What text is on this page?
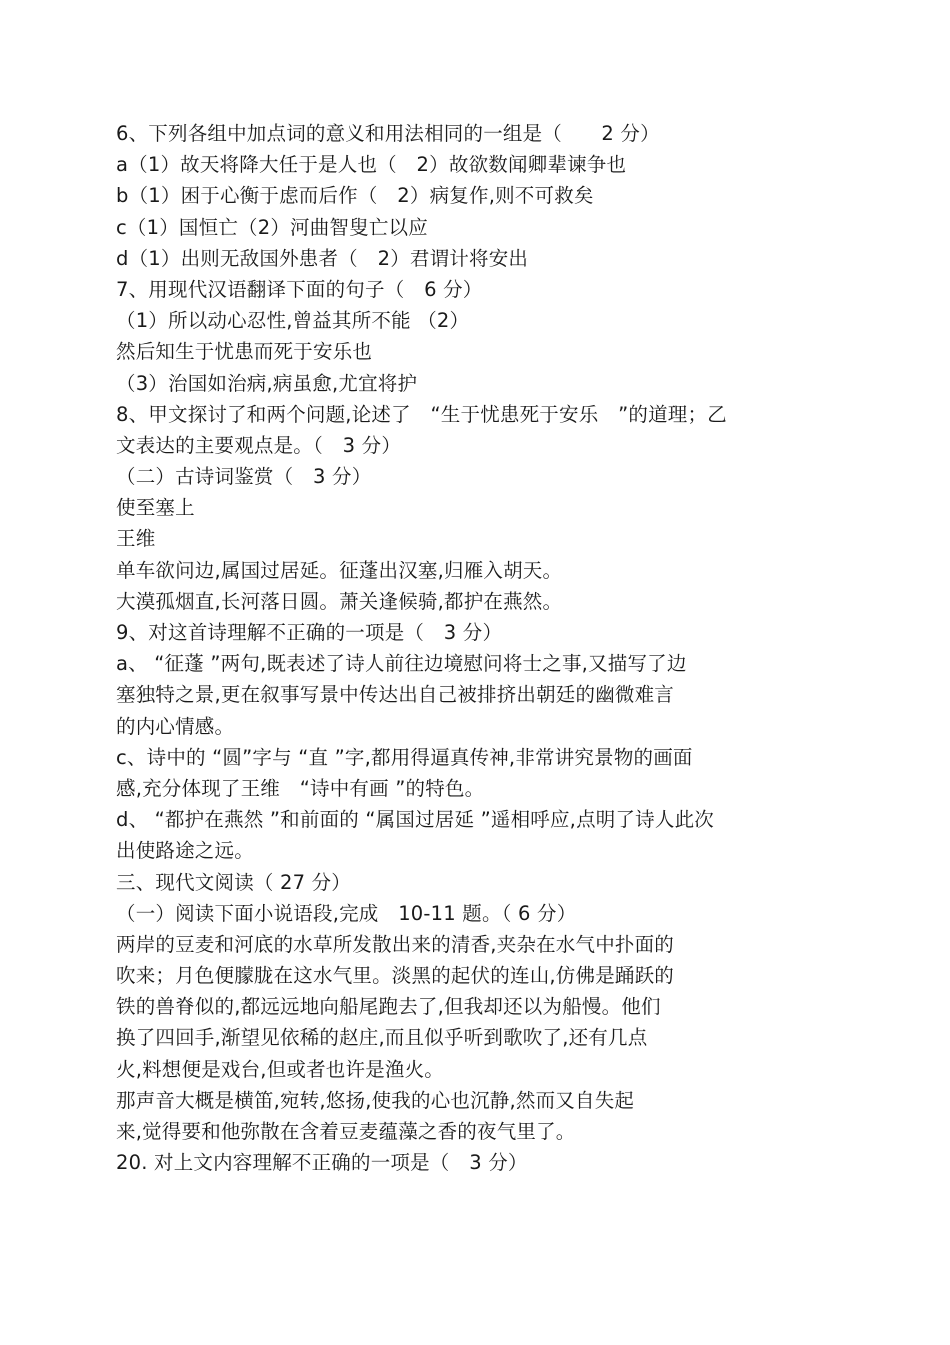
6、下列各组中加点词的意义和用法相同的一组是（　　2 分）
a（1）故天将降大任于是人也（　2）故欲数闻卿辈谏争也
b（1）困于心衡于虑而后作（　2）病复作,则不可救矣
c（1）国恒亡（2）河曲智叟亡以应
d（1）出则无敌国外患者（　2）君谓计将安出
7、用现代汉语翻译下面的句子（　6 分）
（1）所以动心忍性,曾益其所不能 （2）
然后知生于忧患而死于安乐也
（3）治国如治病,病虽愈,尤宜将护
8、甲文探讨了和两个问题,论述了　“生于忧患死于安乐　”的道理；乙
文表达的主要观点是。（　3 分）
（二）古诗词鉴赏（　3 分）
使至塞上
王维
单车欲问边,属国过居延。征蓬出汉塞,归雁入胡天。
大漠孤烟直,长河落日圆。萧关逢候骑,都护在燕然。
9、对这首诗理解不正确的一项是（　3 分）
a、 “征蓬 ”两句,既表述了诗人前往边境慰问将士之事,又描写了边
塞独特之景,更在叙事写景中传达出自己被排挤出朝廷的幽微难言
的内心情感。
c、诗中的 “圆”字与 “直 ”字,都用得逼真传神,非常讲究景物的画面
感,充分体现了王维　“诗中有画 ”的特色。
d、 “都护在燕然 ”和前面的 “属国过居延 ”遥相呼应,点明了诗人此次
出使路途之远。
三、现代文阅读（ 27 分）
（一）阅读下面小说语段,完成　10-11 题。（ 6 分）
两岸的豆麦和河底的水草所发散出来的清香,夹杂在水气中扑面的
吹来；月色便朦胧在这水气里。淡黑的起伏的连山,仿佛是踊跃的
铁的兽脊似的,都远远地向船尾跑去了,但我却还以为船慢。他们
换了四回手,渐望见依稀的赵庄,而且似乎听到歌吹了,还有几点
火,料想便是戏台,但或者也许是渔火。
那声音大概是横笛,宛转,悠扬,使我的心也沉静,然而又自失起
来,觉得要和他弥散在含着豆麦蕴藻之香的夜气里了。
20. 对上文内容理解不正确的一项是（　3 分）
